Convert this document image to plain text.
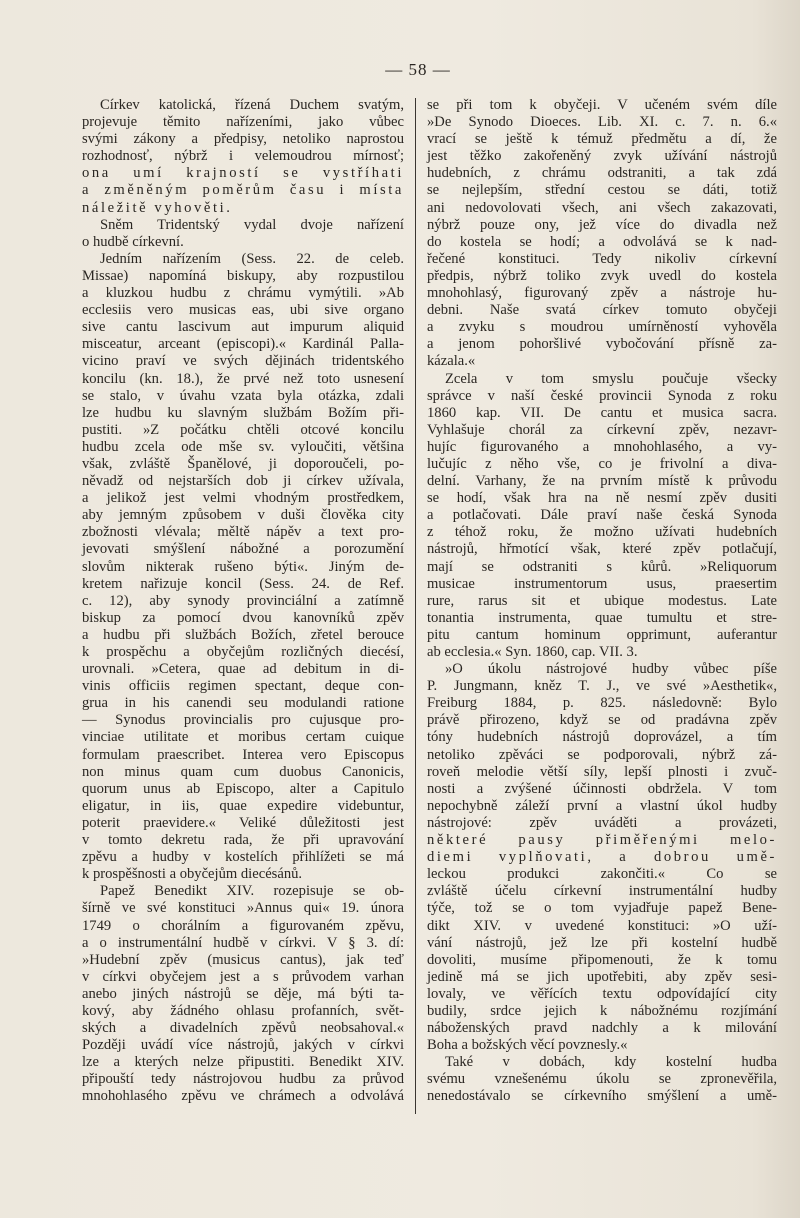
— 58 —
Církev katolická, řízená Duchem svatým,
projevuje těmito nařízeními, jako vůbec
svými zákony a předpisy, netoliko naprostou
rozhodnosť, nýbrž i velemoudrou mírnosť;
ona umí krajností se vystříhati
a změněným poměrům času i místa
náležitě vyhověti.
Sněm Tridentský vydal dvoje nařízení
o hudbě církevní.
Jedním nařízením (Sess. 22. de celeb.
Missae) napomíná biskupy, aby rozpustilou
a kluzkou hudbu z chrámu vymýtili. »Ab
ecclesiis vero musicas eas, ubi sive organo
sive cantu lascivum aut impurum aliquid
misceatur, arceant (episcopi).« Kardinál Palla-
vicino praví ve svých dějinách tridentského
koncilu (kn. 18.), že prvé než toto usnesení
se stalo, v úvahu vzata byla otázka, zdali
lze hudbu ku slavným službám Božím při-
pustiti. »Z počátku chtěli otcové koncilu
hudbu zcela ode mše sv. vyloučiti, většina
však, zvláště Španělové, ji doporoučeli, po-
něvadž od nejstarších dob ji církev užívala,
a jelikož jest velmi vhodným prostředkem,
aby jemným způsobem v duši člověka city
zbožnosti vlévala; měltě nápěv a text pro-
jevovati smýšlení nábožné a porozumění
slovům nikterak rušeno býti«. Jiným de-
kretem nařizuje koncil (Sess. 24. de Ref.
c. 12), aby synody provinciální a zatímně
biskup za pomocí dvou kanovníků zpěv
a hudbu při službách Božích, zřetel berouce
k prospěchu a obyčejům rozličných diecésí,
urovnali. »Cetera, quae ad debitum in di-
vinis officiis regimen spectant, deque con-
grua in his canendi seu modulandi ratione
— Synodus provincialis pro cujusque pro-
vinciae utilitate et moribus certam cuique
formulam praescribet. Interea vero Episcopus
non minus quam cum duobus Canonicis,
quorum unus ab Episcopo, alter a Capitulo
eligatur, in iis, quae expedire videbuntur,
poterit praevidere.« Veliké důležitosti jest
v tomto dekretu rada, že při upravování
zpěvu a hudby v kostelích přihlížeti se má
k prospěšnosti a obyčejům diecésánů.
Papež Benedikt XIV. rozepisuje se ob-
šírně ve své konstituci »Annus qui« 19. února
1749 o chorálním a figurovaném zpěvu,
a o instrumentální hudbě v církvi. V § 3. dí:
»Hudební zpěv (musicus cantus), jak teď
v církvi obyčejem jest a s průvodem varhan
anebo jiných nástrojů se děje, má býti ta-
kový, aby žádného ohlasu profanních, svět-
ských a divadelních zpěvů neobsahoval.«
Později uvádí více nástrojů, jakých v církvi
lze a kterých nelze připustiti. Benedikt XIV.
připouští tedy nástrojovou hudbu za průvod
mnohohlasého zpěvu ve chrámech a odvolává
se při tom k obyčeji. V učeném svém díle
»De Synodo Dioeces. Lib. XI. c. 7. n. 6.«
vrací se ještě k témuž předmětu a dí, že
jest těžko zakořeněný zvyk užívání nástrojů
hudebních, z chrámu odstraniti, a tak zdá
se nejlepším, střední cestou se dáti, totiž
ani nedovolovati všech, ani všech zakazovati,
nýbrž pouze ony, jež více do divadla než
do kostela se hodí; a odvolává se k nad-
řečené konstituci. Tedy nikoliv církevní
předpis, nýbrž toliko zvyk uvedl do kostela
mnohohlasý, figurovaný zpěv a nástroje hu-
debni. Naše svatá církev tomuto obyčeji
a zvyku s moudrou umírněností vyhověla
a jenom pohoršlivé vybočování přísně za-
kázala.«
Zcela v tom smyslu poučuje všecky
správce v naší české provincii Synoda z roku
1860 kap. VII. De cantu et musica sacra.
Vyhlašuje chorál za církevní zpěv, nezavr-
hujíc figurovaného a mnohohlasého, a vy-
lučujíc z něho vše, co je frivolní a diva-
delní. Varhany, že na prvním místě k průvodu
se hodí, však hra na ně nesmí zpěv dusiti
a potlačovati. Dále praví naše česká Synoda
z téhož roku, že možno užívati hudebních
nástrojů, hřmotící však, které zpěv potlačují,
mají se odstraniti s kůrů. »Reliquorum
musicae instrumentorum usus, praesertim
rure, rarus sit et ubique modestus. Late
tonantia instrumenta, quae tumultu et stre-
pitu cantum hominum opprimunt, auferantur
ab ecclesia.« Syn. 1860, cap. VII. 3.
»O úkolu nástrojové hudby vůbec píše
P. Jungmann, kněz T. J., ve své »Aesthetik«,
Freiburg 1884, p. 825. následovně: Bylo
právě přirozeno, když se od pradávna zpěv
tóny hudebních nástrojů doprovázel, a tím
netoliko zpěváci se podporovali, nýbrž zá-
roveň melodie větší síly, lepší plnosti i zvuč-
nosti a zvýšené účinnosti obdržela. V tom
nepochybně záleží první a vlastní úkol hudby
nástrojové: zpěv uváděti a provázeti,
některé pausy přiměřenými melo-
diemi vyplňovati, a dobrou umě-
leckou produkci zakončiti.« Co se
zvláště účelu církevní instrumentální hudby
týče, tož se o tom vyjadřuje papež Bene-
dikt XIV. v uvedené konstituci: »O uží-
vání nástrojů, jež lze při kostelní hudbě
dovoliti, musíme připomenouti, že k tomu
jedině má se jich upotřebiti, aby zpěv sesi-
lovaly, ve věřících textu odpovídající city
budily, srdce jejich k nábožnému rozjímání
náboženských pravd nadchly a k milování
Boha a božských věcí povznesly.«
Také v dobách, kdy kostelní hudba
svému vznešenému úkolu se zpronevěřila,
nenedostávalo se církevního smýšlení a umě-
